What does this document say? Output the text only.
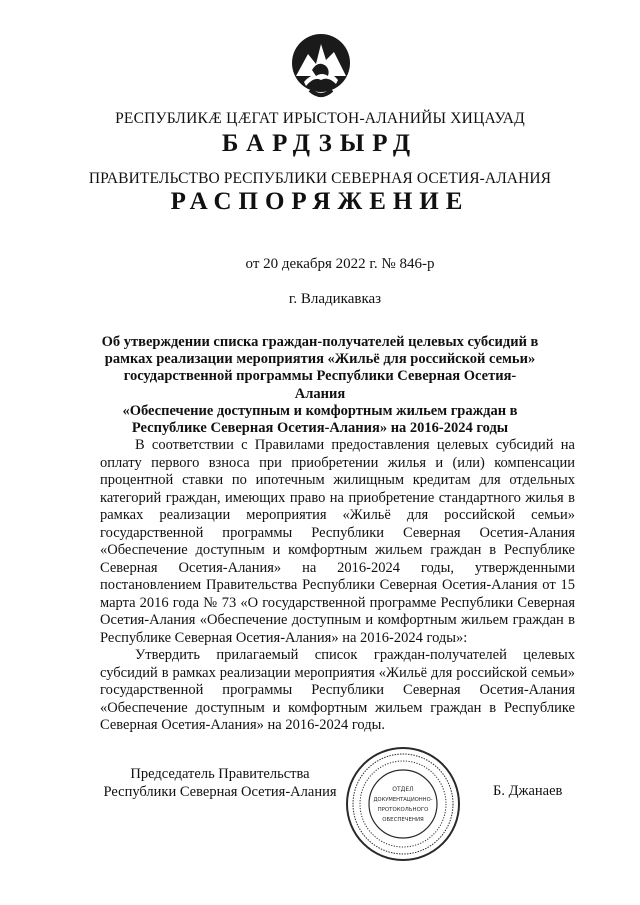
РЕСПУБЛИКӔ ЦӔГАТ ИРЫСТОН-АЛАНИЙЫ ХИЦАУАД
БАРДЗЫРД
ПРАВИТЕЛЬСТВО РЕСПУБЛИКИ СЕВЕРНАЯ ОСЕТИЯ-АЛАНИЯ
РАСПОРЯЖЕНИЕ
от 20 декабря 2022 г. № 846-р
г. Владикавказ
Об утверждении списка граждан-получателей целевых субсидий в
рамках реализации мероприятия «Жильё для российской семьи»
государственной программы Республики Северная Осетия-Алания
«Обеспечение доступным и комфортным жильем граждан в
Республике Северная Осетия-Алания» на 2016-2024 годы

В соответствии с Правилами предоставления целевых субсидий на оплату первого взноса при приобретении жилья и (или) компенсации процентной ставки по ипотечным жилищным кредитам для отдельных категорий граждан, имеющих право на приобретение стандартного жилья в рамках реализации мероприятия «Жильё для российской семьи» государственной программы Республики Северная Осетия-Алания «Обеспечение доступным и комфортным жильем граждан в Республике Северная Осетия-Алания» на 2016-2024 годы, утвержденными постановлением Правительства Республики Северная Осетия-Алания от 15 марта 2016 года № 73 «О государственной программе Республики Северная Осетия-Алания «Обеспечение доступным и комфортным жильем граждан в Республике Северная Осетия-Алания» на 2016-2024 годы»:

Утвердить прилагаемый список граждан-получателей целевых субсидий в рамках реализации мероприятия «Жильё для российской семьи» государственной программы Республики Северная Осетия-Алания «Обеспечение доступным и комфортным жильем граждан в Республике Северная Осетия-Алания» на 2016-2024 годы.

Председатель Правительства
Республики Северная Осетия-Алания	ОТДЕЛ
ДОКУМЕНТАЦИОННО-
ПРОТОКОЛЬНОГО
ОБЕСПЕЧЕНИЯ
Б. Джанаев
